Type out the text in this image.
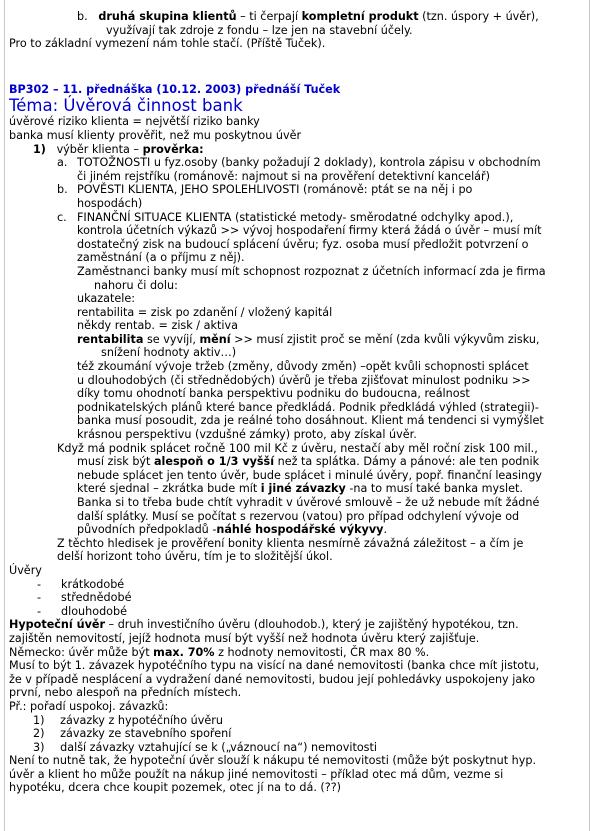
b. druhá skupina klientů – ti čerpají kompletní produkt (tzn. úspory + úvěr),
využívají tak zdroje z fondu – lze jen na stavební účely.
Pro to základní vymezení nám tohle stačí. (Příště Tuček).
BP302 – 11. přednáška (10.12. 2003) přednáší Tuček
Téma: Úvěrová činnost bank
úvěrové riziko klienta = největší riziko banky
banka musí klienty prověřit, než mu poskytnou úvěr
1) výběr klienta – prověrka:
a. TOTOŽNOSTI u fyz.osoby (banky požadují 2 doklady), kontrola zápisu v obchodním
či jiném rejstříku (románově: najmout si na prověření detektivní kancelář)
b. POVĚSTI KLIENTA, JEHO SPOLEHLIVOSTI (románově: ptát se na něj i po
hospodách)
c. FINANČNÍ SITUACE KLIENTA (statistické metody- směrodatné odchylky apod.),
kontrola účetních výkazů >> vývoj hospodaření firmy která žádá o úvěr – musí mít
dostatečný zisk na budoucí splácení úvěru; fyz. osoba musí předložit potvrzení o
zaměstnání (a o příjmu z něj).
Zaměstnanci banky musí mít schopnost rozpoznat z účetních informací zda je firma
nahoru či dolu:
ukazatele:
rentabilita = zisk po zdanění / vložený kapitál
někdy rentab. = zisk / aktiva
rentabilita se vyvíjí, mění >> musí zjistit proč se mění (zda kvůli výkyvům zisku,
snížení hodnoty aktiv…)
též zkoumání vývoje tržeb (změny, důvody změn) –opět kvůli schopnosti splácet
u dlouhodobých (či střednědobých) úvěrů je třeba zjišťovat minulost podniku >>
díky tomu ohodnotí banka perspektivu podniku do budoucna, reálnost
podnikatelských plánů které bance předkládá. Podnik předkládá výhled (strategii)-
banka musí posoudit, zda je reálné toho dosáhnout. Klient má tendenci si vymýšlet
krásnou perspektivu (vzdušné zámky) proto, aby získal úvěr.
Když má podnik splácet ročně 100 mil Kč z úvěru, nestačí aby měl roční zisk 100 mil.,
musí zisk být alespoň o 1/3 vyšší než ta splátka. Dámy a pánové: ale ten podnik
nebude splácet jen tento úvěr, bude splácet i minulé úvěry, popř. finanční leasingy
které sjednal – zkrátka bude mít i jiné závazky -na to musí také banka myslet.
Banka si to třeba bude chtít vyhradit v úvěrové smlouvě – že už nebude mít žádné
další splátky. Musí se počítat s rezervou (vatou) pro případ odchylení vývoje od
původních předpokladů -náhlé hospodářské výkyvy.
Z těchto hledisek je prověření bonity klienta nesmírně závažná záležitost – a čím je
delší horizont toho úvěru, tím je to složitější úkol.
Úvěry
- krátkodobé
- střednědobé
- dlouhodobé
Hypoteční úvěr – druh investičního úvěru (dlouhodob.), který je zajištěný hypotékou, tzn.
zajištěn nemovitostí, jejíž hodnota musí být vyšší než hodnota úvěru který zajišťuje.
Německo: úvěr může být max. 70% z hodnoty nemovitosti, ČR max 80 %.
Musí to být 1. závazek hypotéčního typu na visící na dané nemovitosti (banka chce mít jistotu,
že v případě nesplácení a vydražení dané nemovitosti, budou její pohledávky uspokojeny jako
první, nebo alespoň na předních místech.
Př.: pořadí uspokoj. závazků:
1) závazky z hypotéčního úvěru
2) závazky ze stavebního spoření
3) další závazky vztahující se k („váznoucí na“) nemovitosti
Není to nutně tak, že hypoteční úvěr slouží k nákupu té nemovitosti (může být poskytnut hyp.
úvěr a klient ho může použít na nákup jiné nemovitosti – příklad otec má dům, vezme si
hypotéku, dcera chce koupit pozemek, otec jí na to dá. (??)
